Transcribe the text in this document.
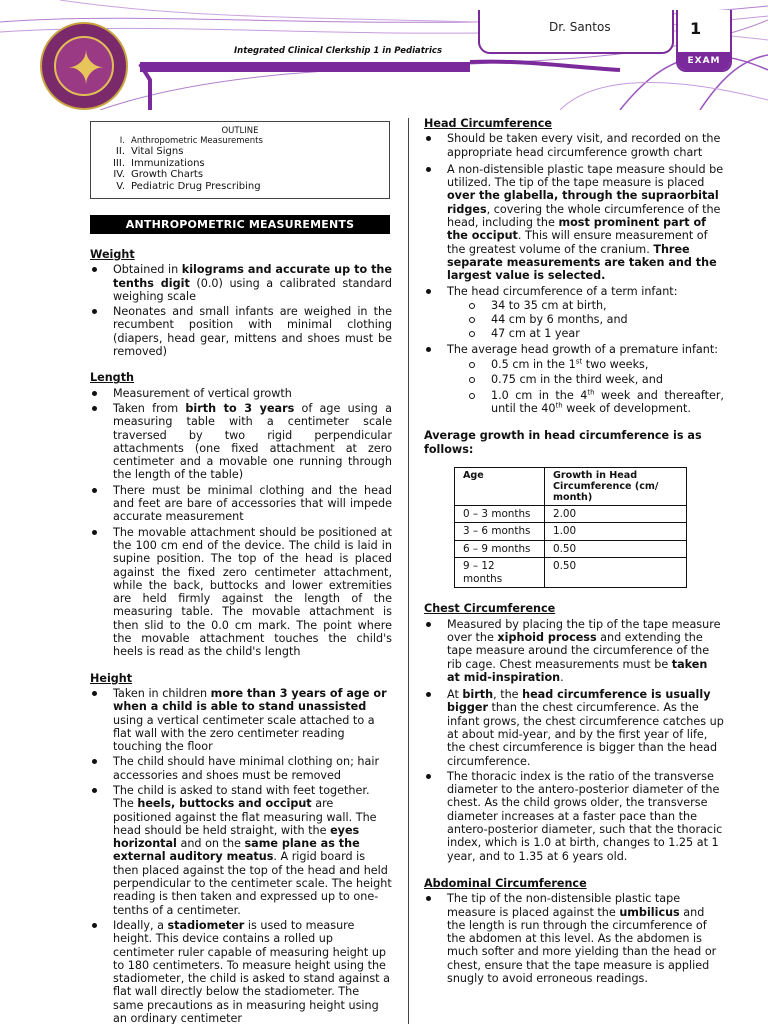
✦	Integrated Clinical Clerkship 1 in Pediatrics
Dr. Santos	1
EXAM
OUTLINE
I. Anthropometric Measurements
II. Vital Signs
III. Immunizations
IV. Growth Charts
V. Pediatric Drug Prescribing
ANTHROPOMETRIC MEASUREMENTS
Weight
Obtained in kilograms and accurate up to the tenths digit (0.0) using a calibrated standard weighing scale
Neonates and small infants are weighed in the recumbent position with minimal clothing (diapers, head gear, mittens and shoes must be removed)
Length
Measurement of vertical growth
Taken from birth to 3 years of age using a measuring table with a centimeter scale traversed by two rigid perpendicular attachments (one fixed attachment at zero centimeter and a movable one running through the length of the table)
There must be minimal clothing and the head and feet are bare of accessories that will impede accurate measurement
The movable attachment should be positioned at the 100 cm end of the device. The child is laid in supine position. The top of the head is placed against the fixed zero centimeter attachment, while the back, buttocks and lower extremities are held firmly against the length of the measuring table. The movable attachment is then slid to the 0.0 cm mark. The point where the movable attachment touches the child's heels is read as the child's length
Height
Taken in children more than 3 years of age or when a child is able to stand unassisted using a vertical centimeter scale attached to a flat wall with the zero centimeter reading touching the floor
The child should have minimal clothing on; hair accessories and shoes must be removed
The child is asked to stand with feet together. The heels, buttocks and occiput are positioned against the flat measuring wall. The head should be held straight, with the eyes horizontal and on the same plane as the external auditory meatus. A rigid board is then placed against the top of the head and held perpendicular to the centimeter scale. The height reading is then taken and expressed up to one-tenths of a centimeter.
Ideally, a stadiometer is used to measure height. This device contains a rolled up centimeter ruler capable of measuring height up to 180 centimeters. To measure height using the stadiometer, the child is asked to stand against a flat wall directly below the stadiometer. The same precautions as in measuring height using an ordinary centimeter
Head Circumference
Should be taken every visit, and recorded on the appropriate head circumference growth chart
A non-distensible plastic tape measure should be utilized. The tip of the tape measure is placed over the glabella, through the supraorbital ridges, covering the whole circumference of the head, including the most prominent part of the occiput. This will ensure measurement of the greatest volume of the cranium. Three separate measurements are taken and the largest value is selected.
The head circumference of a term infant:
34 to 35 cm at birth,
44 cm by 6 months, and
47 cm at 1 year
The average head growth of a premature infant:
0.5 cm in the 1st two weeks,
0.75 cm in the third week, and
1.0 cm in the 4th week and thereafter, until the 40th week of development.
Average growth in head circumference is as follows:
Age	Growth in Head Circumference (cm/ month)
0 – 3 months	2.00
3 – 6 months	1.00
6 – 9 months	0.50
9 – 12 months	0.50
Chest Circumference
Measured by placing the tip of the tape measure over the xiphoid process and extending the tape measure around the circumference of the rib cage. Chest measurements must be taken at mid-inspiration.
At birth, the head circumference is usually bigger than the chest circumference. As the infant grows, the chest circumference catches up at about mid-year, and by the first year of life, the chest circumference is bigger than the head circumference.
The thoracic index is the ratio of the transverse diameter to the antero-posterior diameter of the chest. As the child grows older, the transverse diameter increases at a faster pace than the antero-posterior diameter, such that the thoracic index, which is 1.0 at birth, changes to 1.25 at 1 year, and to 1.35 at 6 years old.
Abdominal Circumference
The tip of the non-distensible plastic tape measure is placed against the umbilicus and the length is run through the circumference of the abdomen at this level. As the abdomen is much softer and more yielding than the head or chest, ensure that the tape measure is applied snugly to avoid erroneous readings.
